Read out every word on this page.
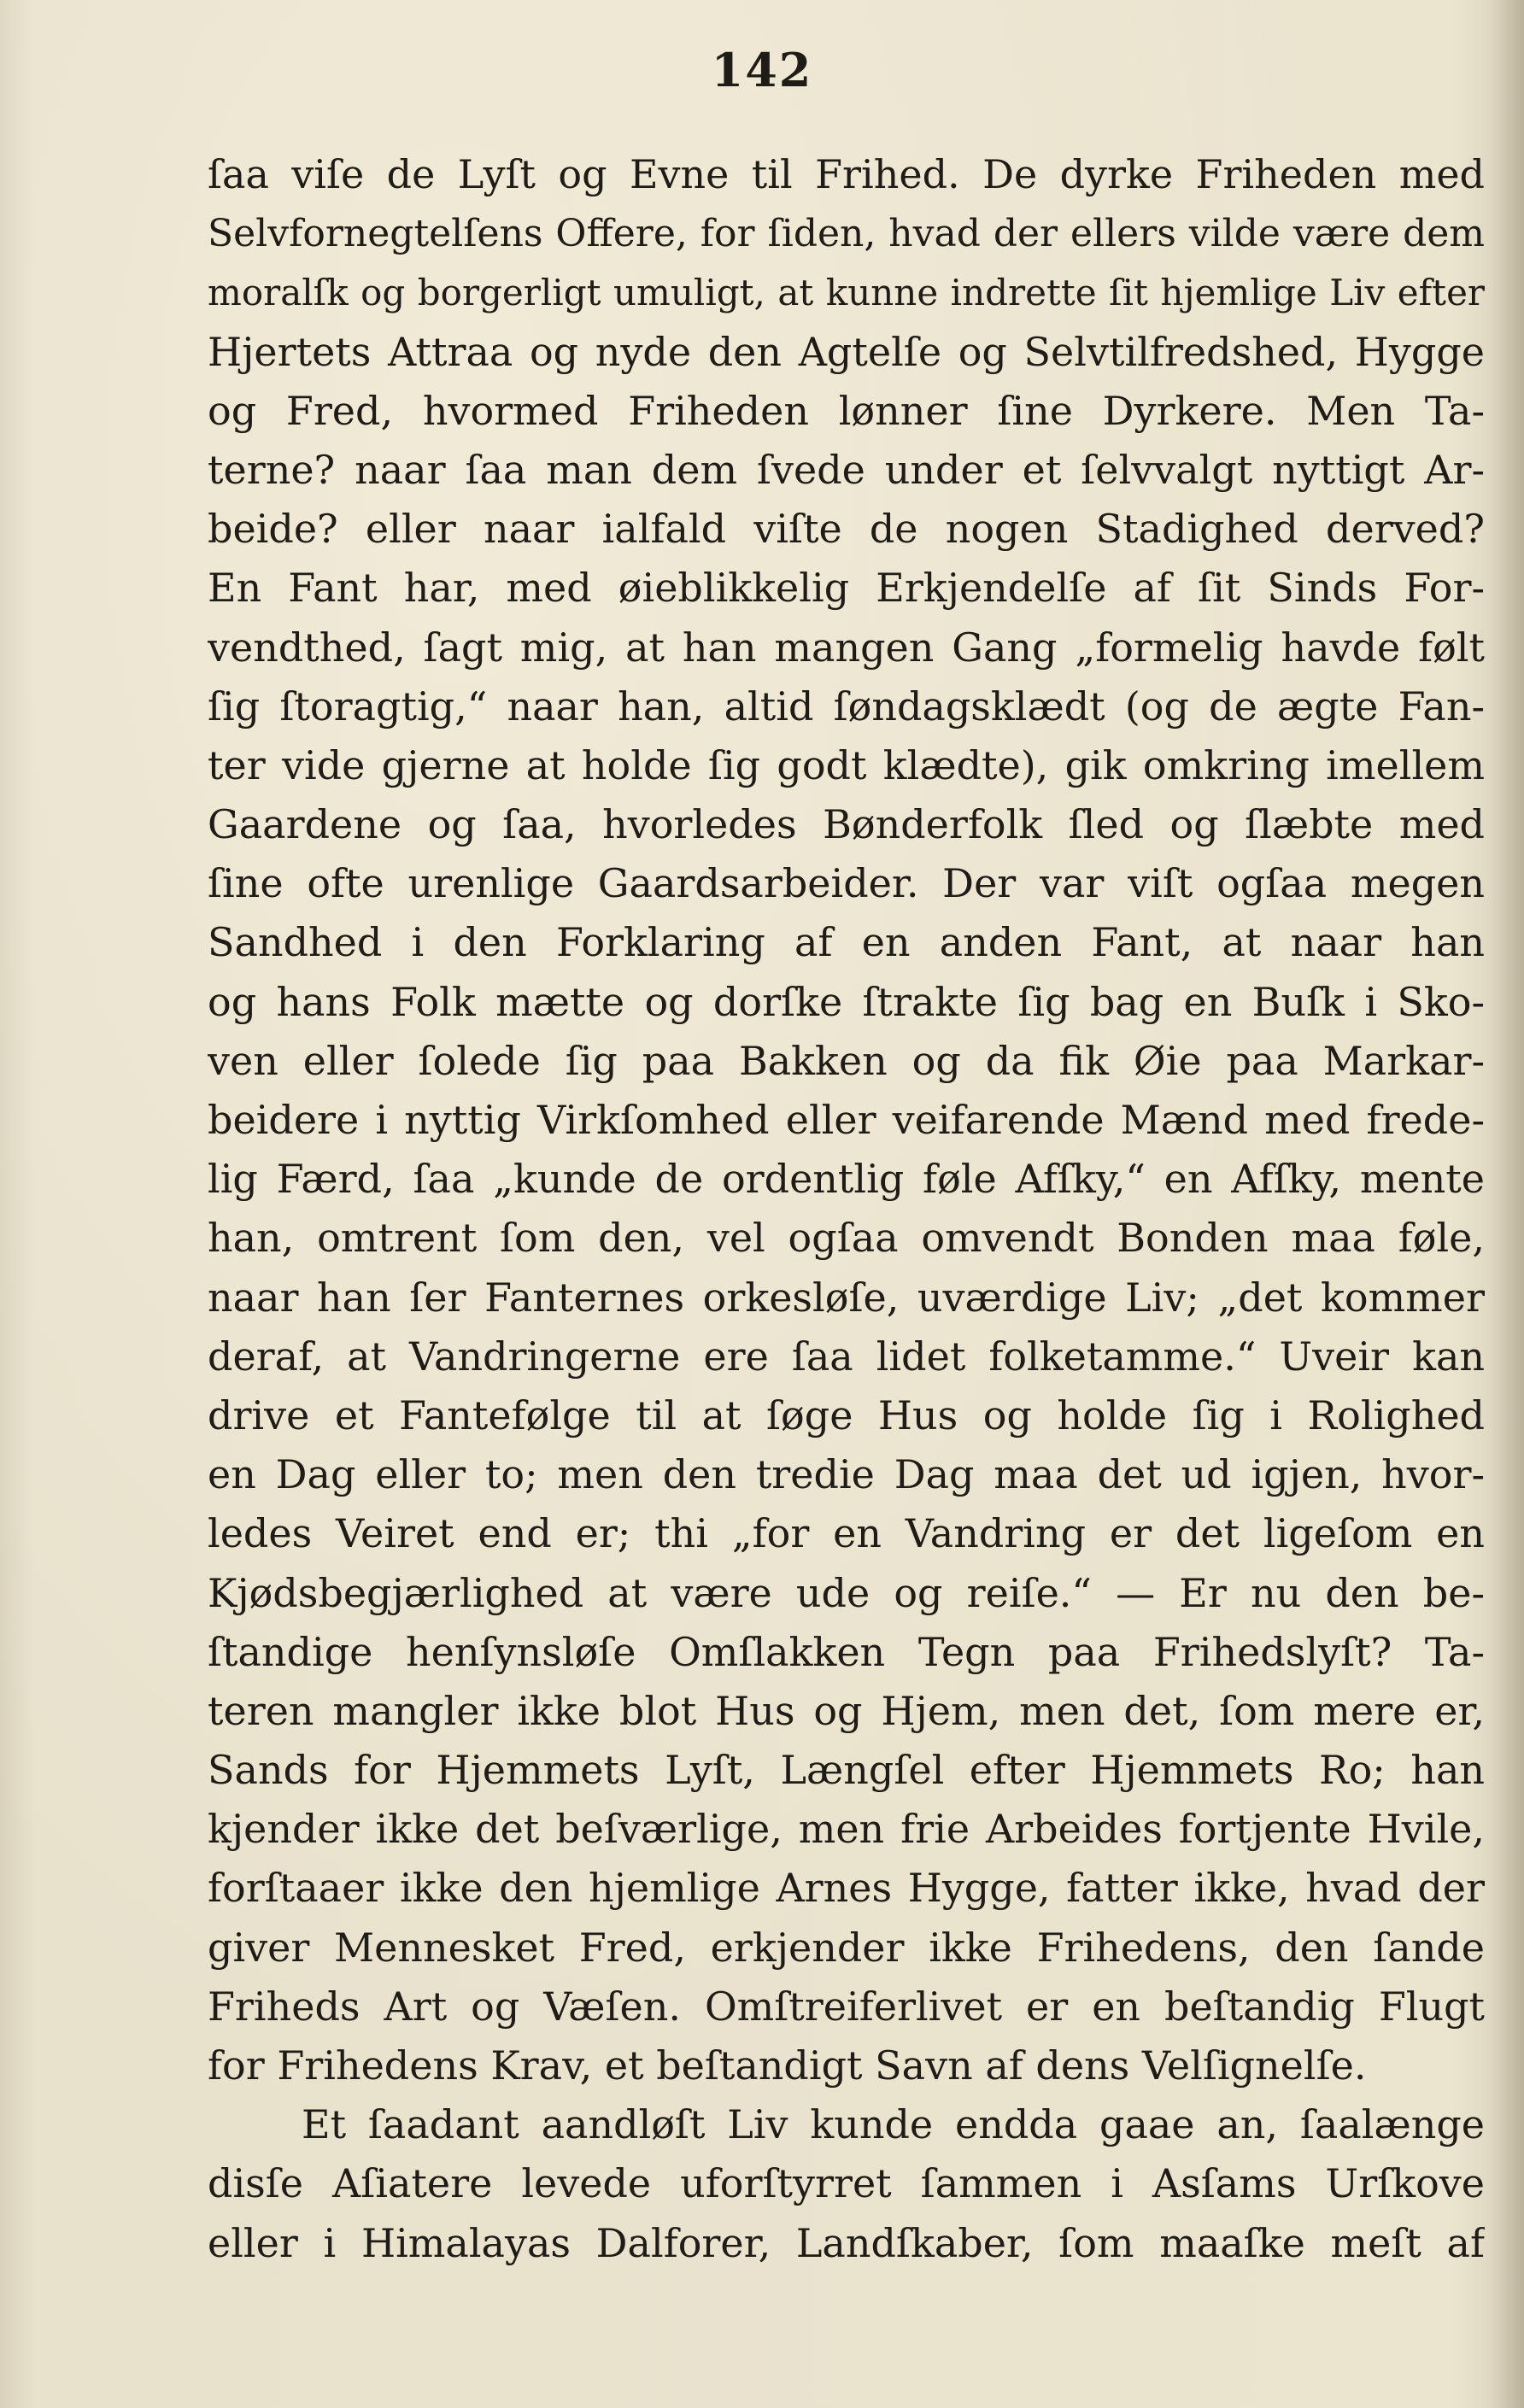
142
ſaa viſe de Lyſt og Evne til Frihed. De dyrke Friheden med
Selvfornegtelſens Offere, for ſiden, hvad der ellers vilde være dem
moralſk og borgerligt umuligt, at kunne indrette ſit hjemlige Liv efter
Hjertets Attraa og nyde den Agtelſe og Selvtilfredshed, Hygge
og Fred, hvormed Friheden lønner ſine Dyrkere. Men Ta-
terne? naar ſaa man dem ſvede under et ſelvvalgt nyttigt Ar-
beide? eller naar ialfald viſte de nogen Stadighed derved?
En Fant har, med øieblikkelig Erkjendelſe af ſit Sinds For-
vendthed, ſagt mig, at han mangen Gang „formelig havde følt
ſig ſtoragtig,“ naar han, altid ſøndagsklædt (og de ægte Fan-
ter vide gjerne at holde ſig godt klædte), gik omkring imellem
Gaardene og ſaa, hvorledes Bønderfolk ſled og ſlæbte med
ſine ofte urenlige Gaardsarbeider. Der var viſt ogſaa megen
Sandhed i den Forklaring af en anden Fant, at naar han
og hans Folk mætte og dorſke ſtrakte ſig bag en Buſk i Sko-
ven eller ſolede ſig paa Bakken og da fik Øie paa Markar-
beidere i nyttig Virkſomhed eller veifarende Mænd med frede-
lig Færd, ſaa „kunde de ordentlig føle Afſky,“ en Afſky, mente
han, omtrent ſom den, vel ogſaa omvendt Bonden maa føle,
naar han ſer Fanternes orkesløſe, uværdige Liv; „det kommer
deraf, at Vandringerne ere ſaa lidet folketamme.“ Uveir kan
drive et Fantefølge til at ſøge Hus og holde ſig i Rolighed
en Dag eller to; men den tredie Dag maa det ud igjen, hvor-
ledes Veiret end er; thi „for en Vandring er det ligeſom en
Kjødsbegjærlighed at være ude og reiſe.“ — Er nu den be-
ſtandige henſynsløſe Omſlakken Tegn paa Frihedslyſt? Ta-
teren mangler ikke blot Hus og Hjem, men det, ſom mere er,
Sands for Hjemmets Lyſt, Længſel efter Hjemmets Ro; han
kjender ikke det beſværlige, men frie Arbeides fortjente Hvile,
forſtaaer ikke den hjemlige Arnes Hygge, fatter ikke, hvad der
giver Mennesket Fred, erkjender ikke Frihedens, den ſande
Friheds Art og Væſen. Omſtreiferlivet er en beſtandig Flugt
for Frihedens Krav, et beſtandigt Savn af dens Velſignelſe.
Et ſaadant aandløſt Liv kunde endda gaae an, ſaalænge
disſe Aſiatere levede uforſtyrret ſammen i Asſams Urſkove
eller i Himalayas Dalforer, Landſkaber, ſom maaſke meſt af
